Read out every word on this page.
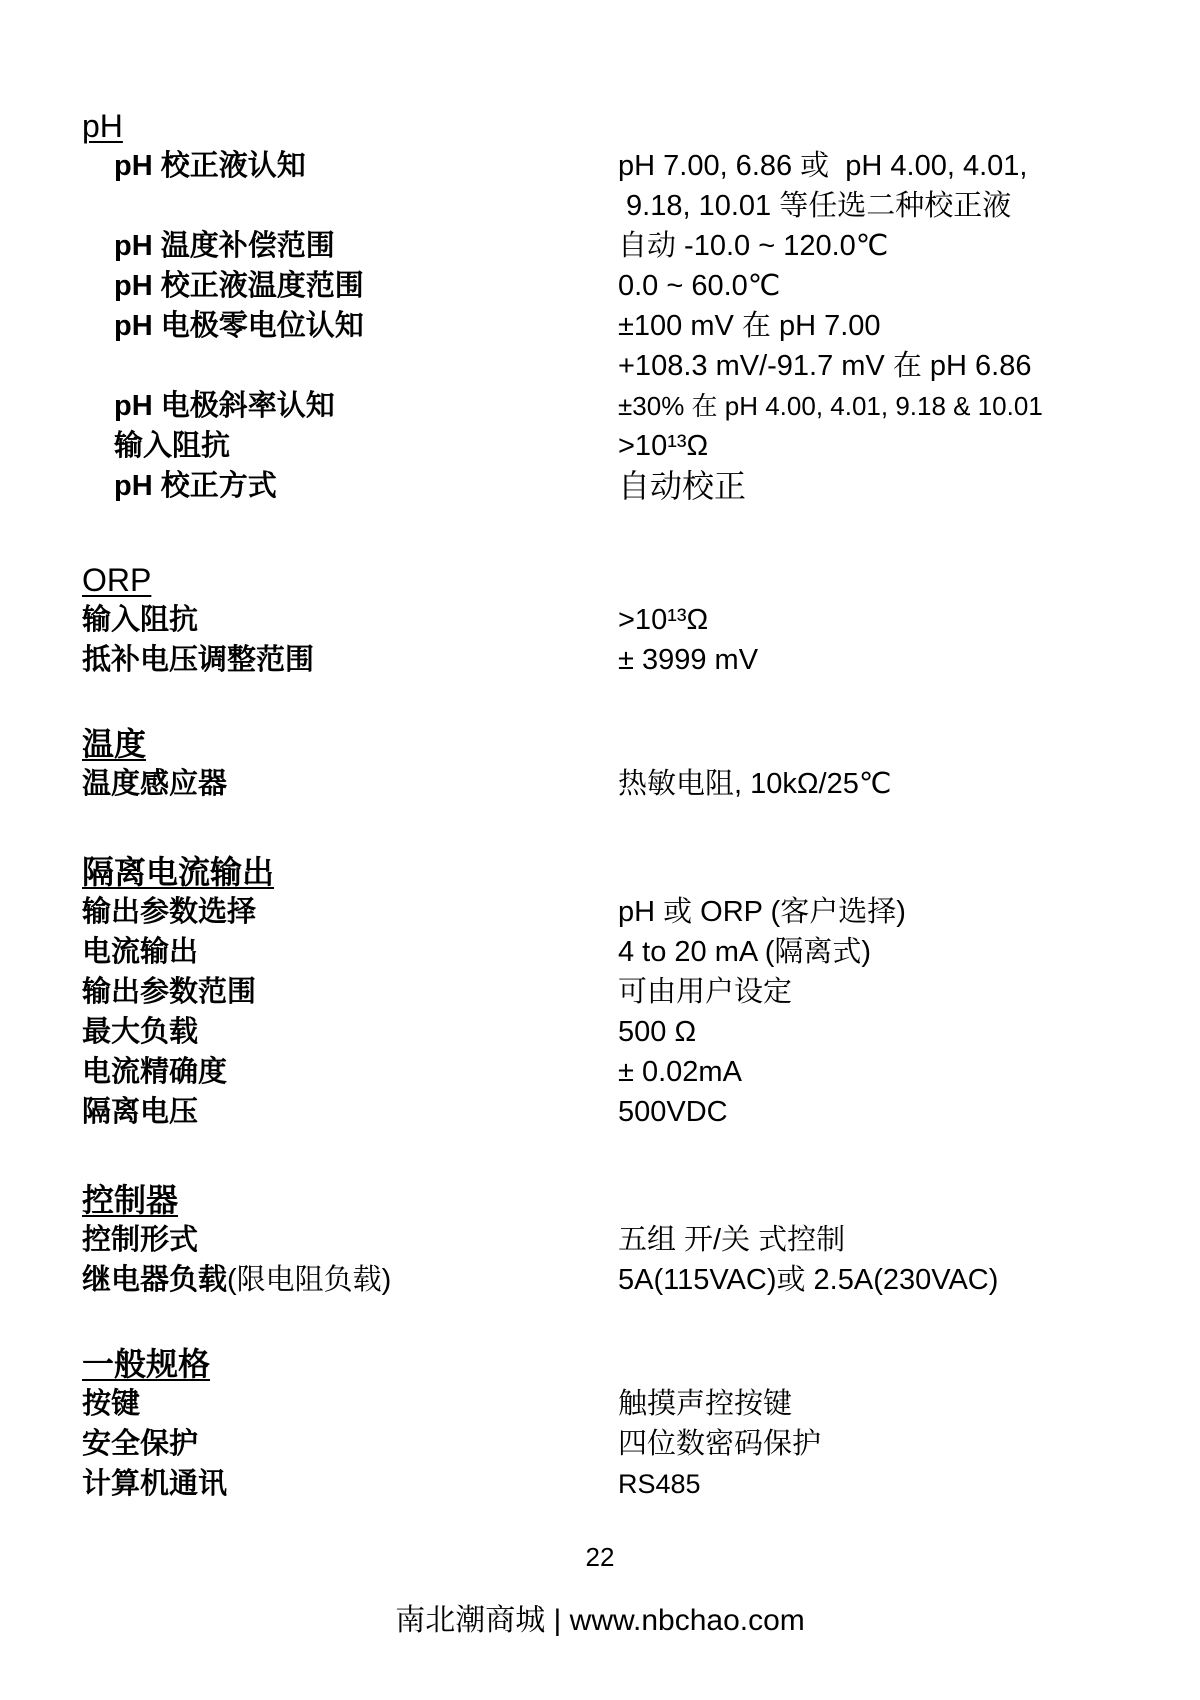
pH
pH 校正液认知	pH 7.00, 6.86 或  pH 4.00, 4.01,
9.18, 10.01 等任选二种校正液
pH 温度补偿范围	自动 -10.0 ~ 120.0℃
pH 校正液温度范围	0.0 ~ 60.0℃
pH 电极零电位认知	±100 mV 在 pH 7.00
+108.3 mV/-91.7 mV 在 pH 6.86
pH 电极斜率认知	±30% 在 pH 4.00, 4.01, 9.18 & 10.01
输入阻抗	>10¹³Ω
pH 校正方式	自动校正
ORP
输入阻抗	>10¹³Ω
抵补电压调整范围	± 3999 mV
温度
温度感应器	热敏电阻, 10kΩ/25℃
隔离电流输出
输出参数选择	pH 或 ORP (客户选择)
电流输出	4 to 20 mA (隔离式)
输出参数范围	可由用户设定
最大负载	500 Ω
电流精确度	± 0.02mA
隔离电压	500VDC
控制器
控制形式	五组 开/关 式控制
继电器负载(限电阻负载)	5A(115VAC)或 2.5A(230VAC)
一般规格
按键	触摸声控按键
安全保护	四位数密码保护
计算机通讯	RS485
22
南北潮商城 | www.nbchao.com
